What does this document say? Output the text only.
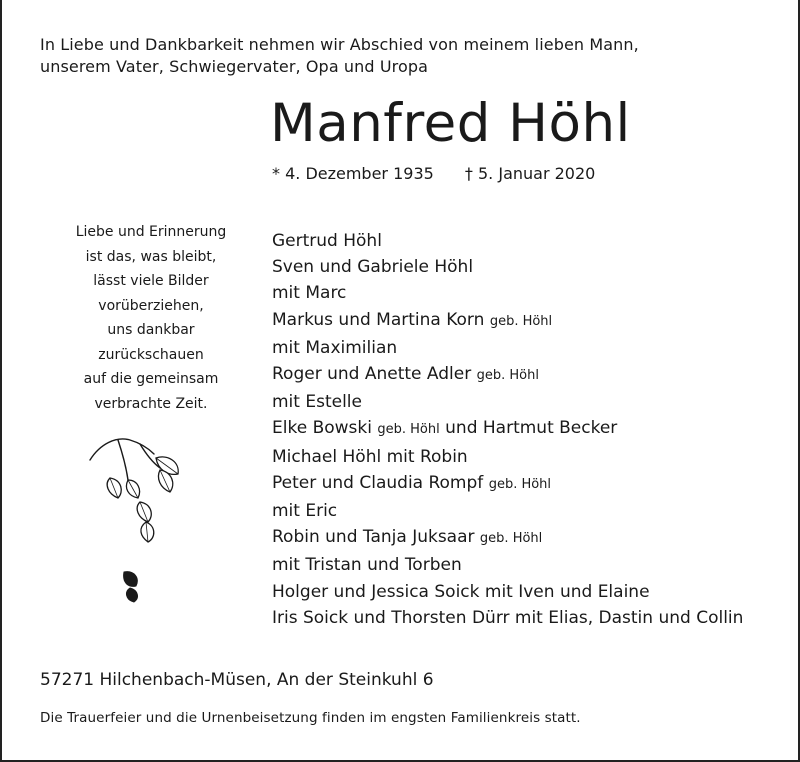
In Liebe und Dankbarkeit nehmen wir Abschied von meinem lieben Mann,
unserem Vater, Schwiegervater, Opa und Uropa
Manfred Höhl
* 4. Dezember 1935 † 5. Januar 2020
Liebe und Erinnerung
ist das, was bleibt,
lässt viele Bilder
vorüberziehen,
uns dankbar
zurückschauen
auf die gemeinsam
verbrachte Zeit.
Gertrud Höhl
Sven und Gabriele Höhl
mit Marc
Markus und Martina Korn geb. Höhl
mit Maximilian
Roger und Anette Adler geb. Höhl
mit Estelle
Elke Bowski geb. Höhl und Hartmut Becker
Michael Höhl mit Robin
Peter und Claudia Rompf geb. Höhl
mit Eric
Robin und Tanja Juksaar geb. Höhl
mit Tristan und Torben
Holger und Jessica Soick mit Iven und Elaine
Iris Soick und Thorsten Dürr mit Elias, Dastin und Collin
57271 Hilchenbach-Müsen, An der Steinkuhl 6
Die Trauerfeier und die Urnenbeisetzung finden im engsten Familienkreis statt.
